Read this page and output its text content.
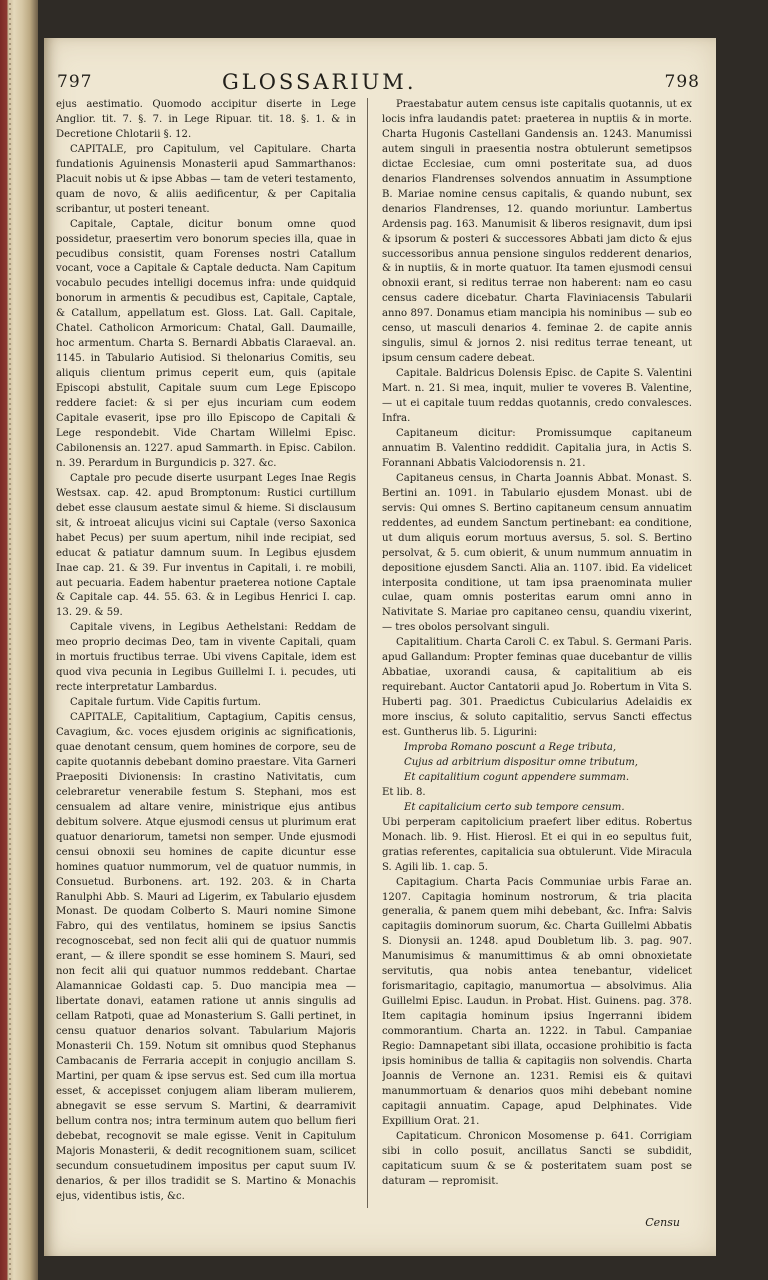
797	GLOSSARIUM.	798

ejus aestimatio. Quomodo accipitur diserte in Lege Anglior. tit. 7. §. 7. in Lege Ripuar. tit. 18. §. 1. & in Decretione Chlotarii §. 12.

CAPITALE, pro Capitulum, vel Capitulare. Charta fundationis Aguinensis Monasterii apud Sammarthanos: Placuit nobis ut & ipse Abbas — tam de veteri testamento, quam de novo, & aliis aedificentur, & per Capitalia scribantur, ut posteri teneant.

Capitale, Captale, dicitur bonum omne quod possidetur, praesertim vero bonorum species illa, quae in pecudibus consistit, quam Forenses nostri Catallum vocant, voce a Capitale & Captale deducta. Nam Capitum vocabulo pecudes intelligi docemus infra: unde quidquid bonorum in armentis & pecudibus est, Capitale, Captale, & Catallum, appellatum est. Gloss. Lat. Gall. Capitale, Chatel. Catholicon Armoricum: Chatal, Gall. Daumaille, hoc armentum. Charta S. Bernardi Abbatis Claraeval. an. 1145. in Tabulario Autisiod. Si thelonarius Comitis, seu aliquis clientum primus ceperit eum, quis (apitale Episcopi abstulit, Capitale suum cum Lege Episcopo reddere faciet: & si per ejus incuriam cum eodem Capitale evaserit, ipse pro illo Episcopo de Capitali & Lege respondebit. Vide Chartam Willelmi Episc. Cabilonensis an. 1227. apud Sammarth. in Episc. Cabilon. n. 39. Perardum in Burgundicis p. 327. &c.

Captale pro pecude diserte usurpant Leges Inae Regis Westsax. cap. 42. apud Bromptonum: Rustici curtillum debet esse clausum aestate simul & hieme. Si disclausum sit, & introeat alicujus vicini sui Captale (verso Saxonica habet Pecus) per suum apertum, nihil inde recipiat, sed educat & patiatur damnum suum. In Legibus ejusdem Inae cap. 21. & 39. Fur inventus in Capitali, i. re mobili, aut pecuaria. Eadem habentur praeterea notione Captale & Capitale cap. 44. 55. 63. & in Legibus Henrici I. cap. 13. 29. & 59.

Capitale vivens, in Legibus Aethelstani: Reddam de meo proprio decimas Deo, tam in vivente Capitali, quam in mortuis fructibus terrae. Ubi vivens Capitale, idem est quod viva pecunia in Legibus Guillelmi I. i. pecudes, uti recte interpretatur Lambardus.

Capitale furtum. Vide Capitis furtum.

CAPITALE, Capitalitium, Captagium, Capitis census, Cavagium, &c. voces ejusdem originis ac significationis, quae denotant censum, quem homines de corpore, seu de capite quotannis debebant domino praestare. Vita Garneri Praepositi Divionensis: In crastino Nativitatis, cum celebraretur venerabile festum S. Stephani, mos est censualem ad altare venire, ministrique ejus antibus debitum solvere. Atque ejusmodi census ut plurimum erat quatuor denariorum, tametsi non semper. Unde ejusmodi censui obnoxii seu homines de capite dicuntur esse homines quatuor nummorum, vel de quatuor nummis, in Consuetud. Burbonens. art. 192. 203. & in Charta Ranulphi Abb. S. Mauri ad Ligerim, ex Tabulario ejusdem Monast. De quodam Colberto S. Mauri nomine Simone Fabro, qui des ventilatus, hominem se ipsius Sanctis recognoscebat, sed non fecit alii qui de quatuor nummis erant, — & illere spondit se esse hominem S. Mauri, sed non fecit alii qui quatuor nummos reddebant. Chartae Alamannicae Goldasti cap. 5. Duo mancipia mea — libertate donavi, eatamen ratione ut annis singulis ad cellam Ratpoti, quae ad Monasterium S. Galli pertinet, in censu quatuor denarios solvant. Tabularium Majoris Monasterii Ch. 159. Notum sit omnibus quod Stephanus Cambacanis de Ferraria accepit in conjugio ancillam S. Martini, per quam & ipse servus est. Sed cum illa mortua esset, & accepisset conjugem aliam liberam mulierem, abnegavit se esse servum S. Martini, & dearramivit bellum contra nos; intra terminum autem quo bellum fieri debebat, recognovit se male egisse. Venit in Capitulum Majoris Monasterii, & dedit recognitionem suam, scilicet secundum consuetudinem impositus per caput suum IV. denarios, & per illos tradidit se S. Martino & Monachis ejus, videntibus istis, &c.

Praestabatur autem census iste capitalis quotannis, ut ex locis infra laudandis patet: praeterea in nuptiis & in morte. Charta Hugonis Castellani Gandensis an. 1243. Manumissi autem singuli in praesentia nostra obtulerunt semetipsos dictae Ecclesiae, cum omni posteritate sua, ad duos denarios Flandrenses solvendos annuatim in Assumptione B. Mariae nomine census capitalis, & quando nubunt, sex denarios Flandrenses, 12. quando moriuntur. Lambertus Ardensis pag. 163. Manumisit & liberos resignavit, dum ipsi & ipsorum & posteri & successores Abbati jam dicto & ejus successoribus annua pensione singulos redderent denarios, & in nuptiis, & in morte quatuor. Ita tamen ejusmodi censui obnoxii erant, si reditus terrae non haberent: nam eo casu census cadere dicebatur. Charta Flaviniacensis Tabularii anno 897. Donamus etiam mancipia his nominibus — sub eo censo, ut masculi denarios 4. feminae 2. de capite annis singulis, simul & jornos 2. nisi reditus terrae teneant, ut ipsum censum cadere debeat.

Capitale. Baldricus Dolensis Episc. de Capite S. Valentini Mart. n. 21. Si mea, inquit, mulier te voveres B. Valentine, — ut ei capitale tuum reddas quotannis, credo convalesces. Infra.

Capitaneum dicitur: Promissumque capitaneum annuatim B. Valentino reddidit. Capitalia jura, in Actis S. Forannani Abbatis Valciodorensis n. 21.

Capitaneus census, in Charta Joannis Abbat. Monast. S. Bertini an. 1091. in Tabulario ejusdem Monast. ubi de servis: Qui omnes S. Bertino capitaneum censum annuatim reddentes, ad eundem Sanctum pertinebant: ea conditione, ut dum aliquis eorum mortuus aversus, 5. sol. S. Bertino persolvat, & 5. cum obierit, & unum nummum annuatim in depositione ejusdem Sancti. Alia an. 1107. ibid. Ea videlicet interposita conditione, ut tam ipsa praenominata mulier culae, quam omnis posteritas earum omni anno in Nativitate S. Mariae pro capitaneo censu, quandiu vixerint, — tres obolos persolvant singuli.

Capitalitium. Charta Caroli C. ex Tabul. S. Germani Paris. apud Gallandum: Propter feminas quae ducebantur de villis Abbatiae, uxorandi causa, & capitalitium ab eis requirebant. Auctor Cantatorii apud Jo. Robertum in Vita S. Huberti pag. 301. Praedictus Cubicularius Adelaidis ex more inscius, & soluto capitalitio, servus Sancti effectus est. Guntherus lib. 5. Ligurini:

Improba Romano poscunt a Rege tributa,

Cujus ad arbitrium dispositur omne tributum,

Et capitalitium cogunt appendere summam.

Et lib. 8.

Et capitalicium certo sub tempore censum.

Ubi perperam capitolicium praefert liber editus. Robertus Monach. lib. 9. Hist. Hierosl. Et ei qui in eo sepultus fuit, gratias referentes, capitalicia sua obtulerunt. Vide Miracula S. Agili lib. 1. cap. 5.

Capitagium. Charta Pacis Communiae urbis Farae an. 1207. Capitagia hominum nostrorum, & tria placita generalia, & panem quem mihi debebant, &c. Infra: Salvis capitagiis dominorum suorum, &c. Charta Guillelmi Abbatis S. Dionysii an. 1248. apud Doubletum lib. 3. pag. 907. Manumisimus & manumittimus & ab omni obnoxietate servitutis, qua nobis antea tenebantur, videlicet forismaritagio, capitagio, manumortua — absolvimus. Alia Guillelmi Episc. Laudun. in Probat. Hist. Guinens. pag. 378. Item capitagia hominum ipsius Ingerranni ibidem commorantium. Charta an. 1222. in Tabul. Campaniae Regio: Damnapetant sibi illata, occasione prohibitio is facta ipsis hominibus de tallia & capitagiis non solvendis. Charta Joannis de Vernone an. 1231. Remisi eis & quitavi manummortuam & denarios quos mihi debebant nomine capitagii annuatim. Capage, apud Delphinates. Vide Expillium Orat. 21.

Capitaticum. Chronicon Mosomense p. 641. Corrigiam sibi in collo posuit, ancillatus Sancti se subdidit, capitaticum suum & se & posteritatem suam post se daturam — repromisit.

Censu
